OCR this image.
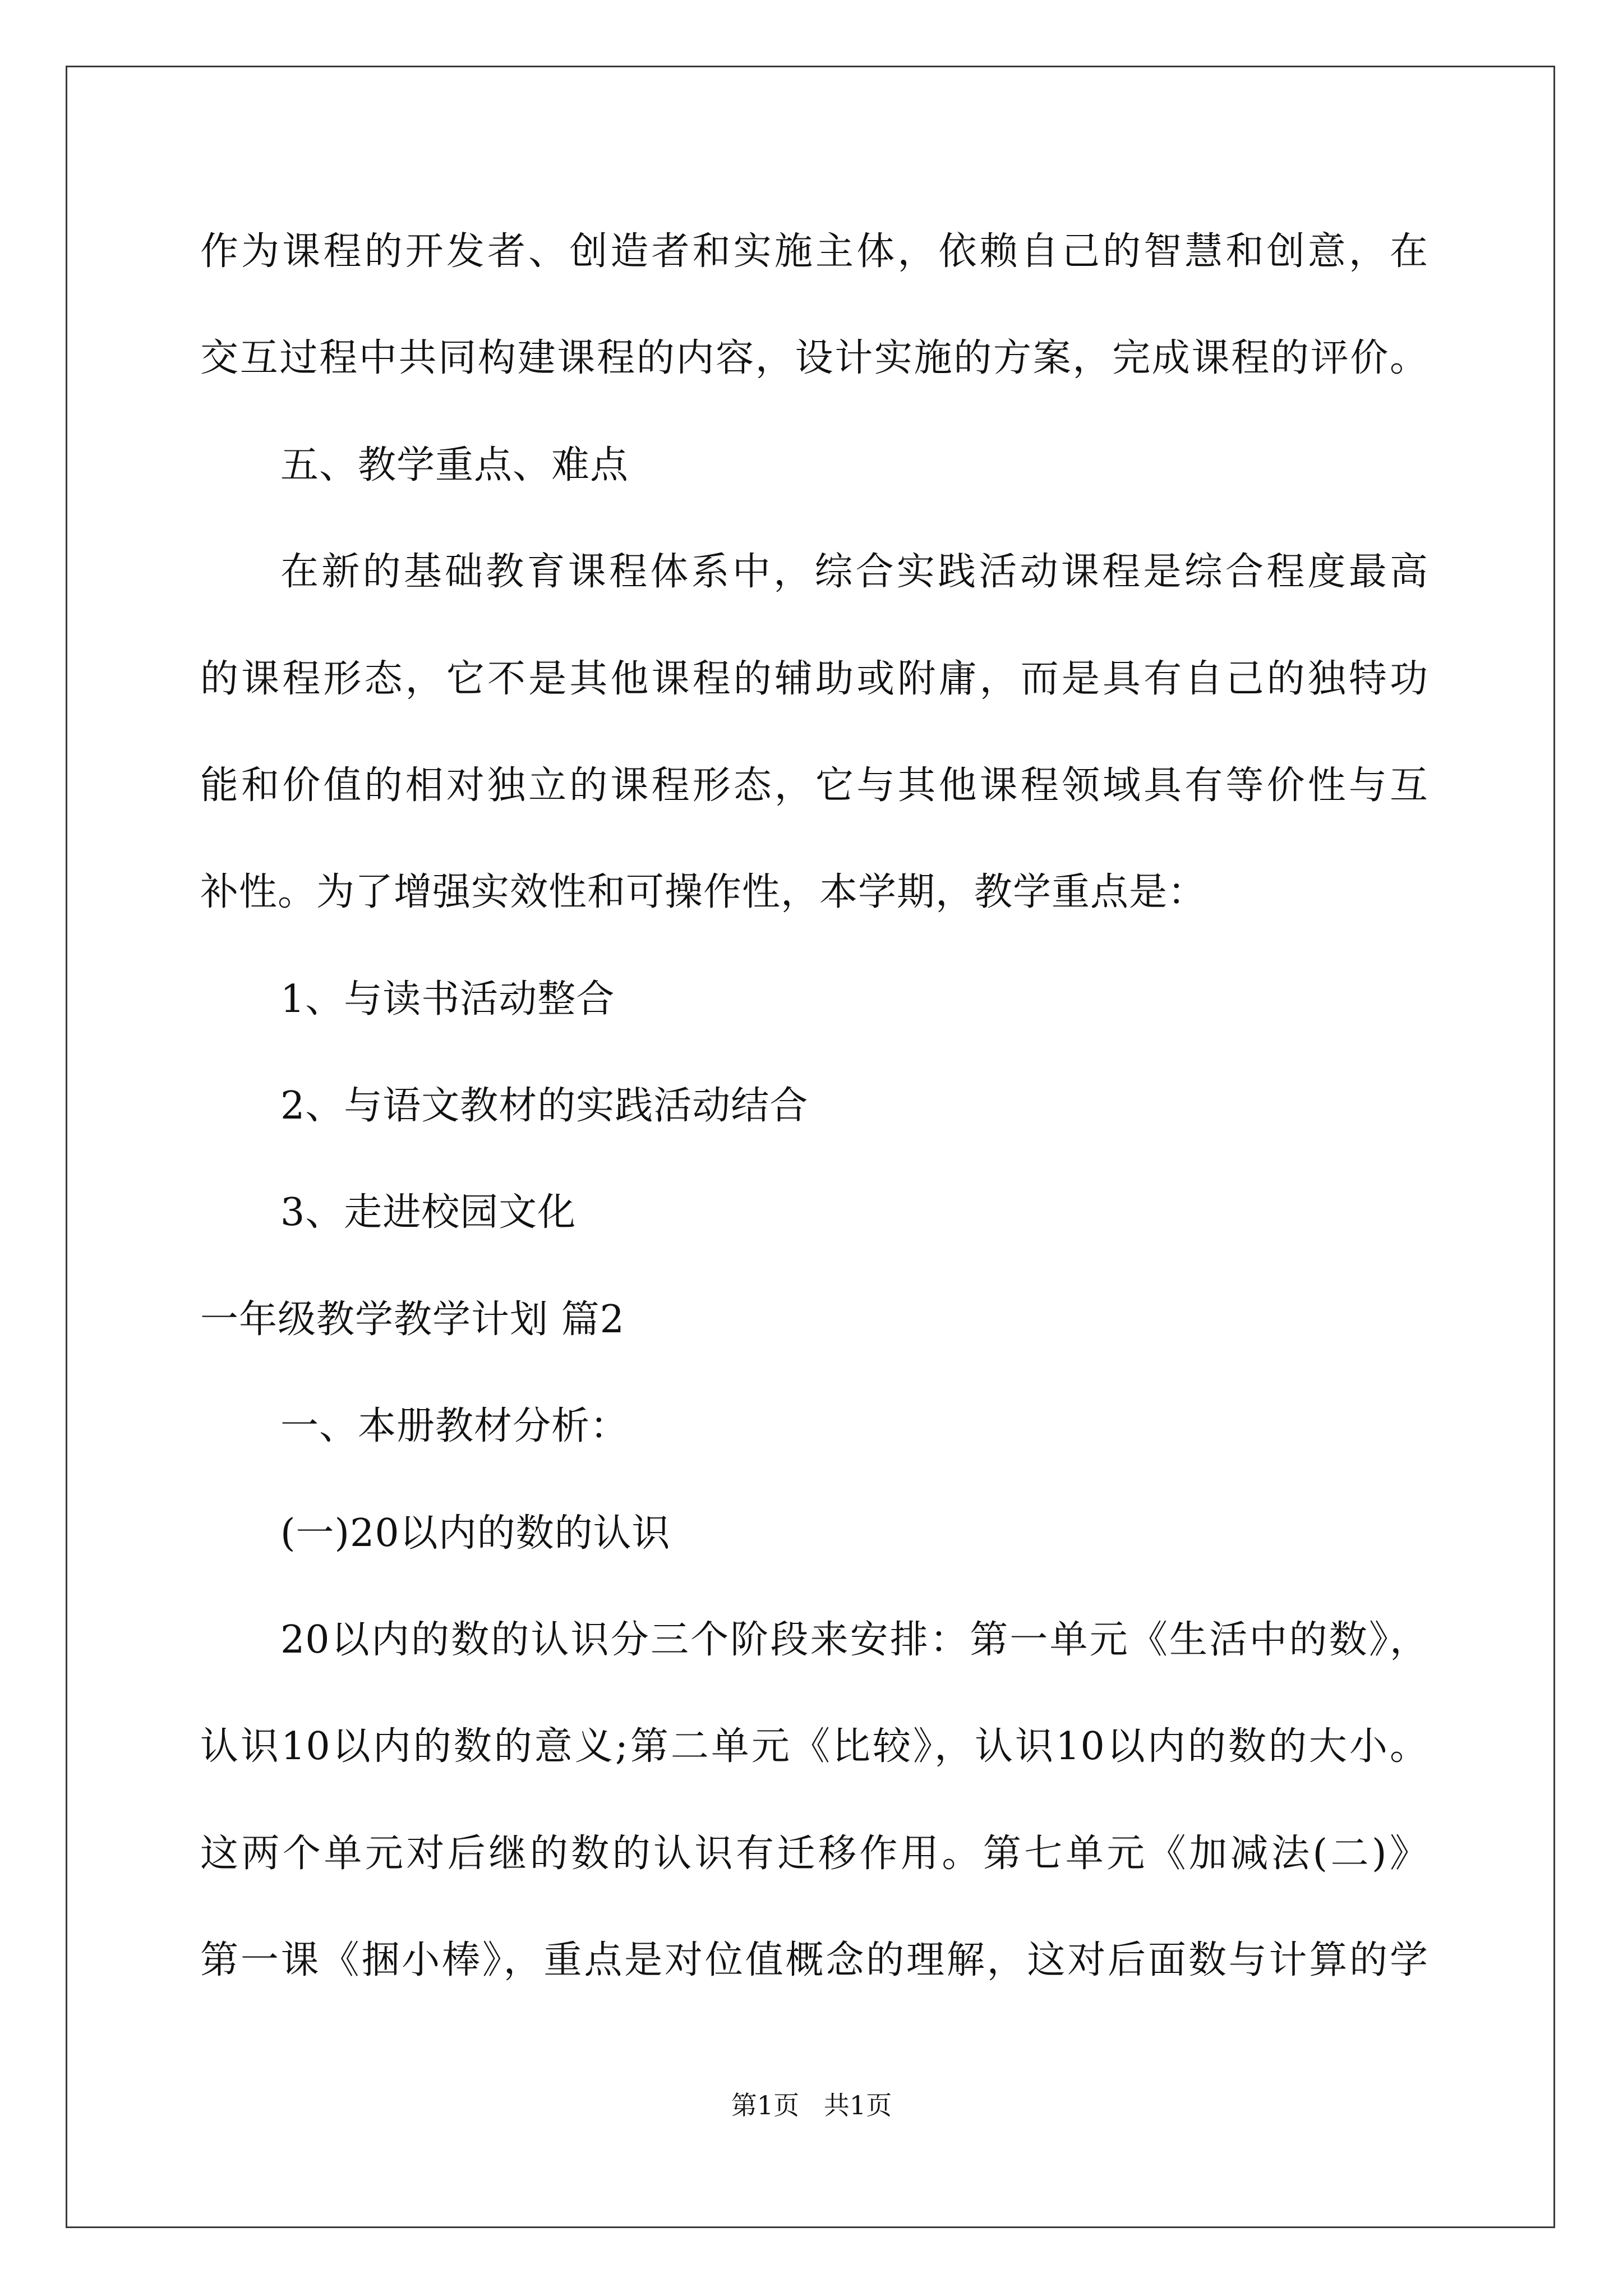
作为课程的开发者、创造者和实施主体，依赖自己的智慧和创意，在
交互过程中共同构建课程的内容，设计实施的方案，完成课程的评价。
五、教学重点、难点
在新的基础教育课程体系中，综合实践活动课程是综合程度最高
的课程形态，它不是其他课程的辅助或附庸，而是具有自己的独特功
能和价值的相对独立的课程形态，它与其他课程领域具有等价性与互
补性。为了增强实效性和可操作性，本学期，教学重点是：
1、与读书活动整合
2、与语文教材的实践活动结合
3、走进校园文化
一年级教学教学计划 篇2
一、本册教材分析：
(一)20以内的数的认识
20以内的数的认识分三个阶段来安排：第一单元《生活中的数》，
认识10以内的数的意义;第二单元《比较》，认识10以内的数的大小。
这两个单元对后继的数的认识有迁移作用。第七单元《加减法(二)》
第一课《捆小棒》，重点是对位值概念的理解，这对后面数与计算的学
第1页   共1页
